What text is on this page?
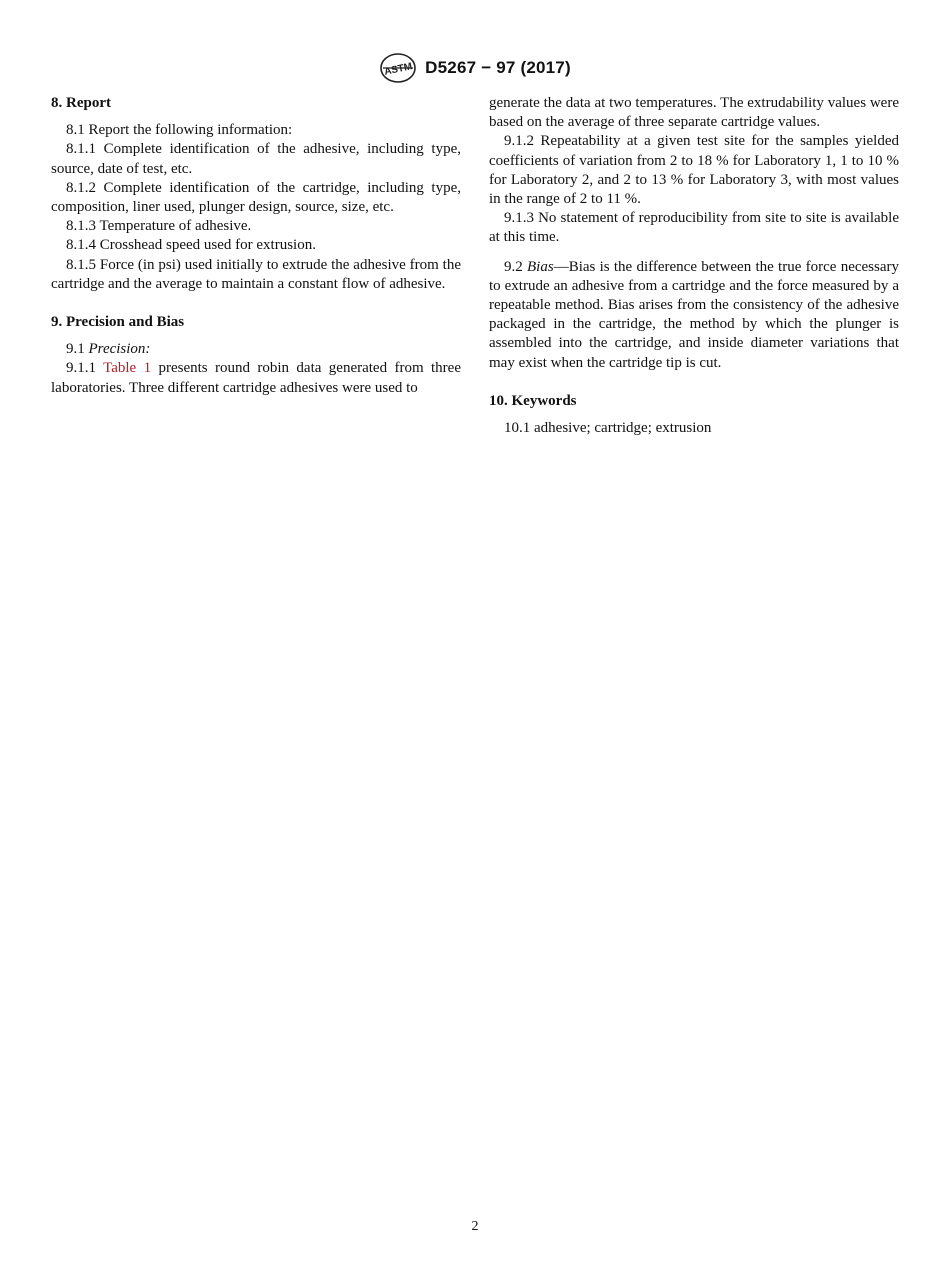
ASTM D5267 − 97 (2017)
8. Report

8.1 Report the following information:

8.1.1 Complete identification of the adhesive, including type, source, date of test, etc.

8.1.2 Complete identification of the cartridge, including type, composition, liner used, plunger design, source, size, etc.

8.1.3 Temperature of adhesive.

8.1.4 Crosshead speed used for extrusion.

8.1.5 Force (in psi) used initially to extrude the adhesive from the cartridge and the average to maintain a constant flow of adhesive.

9. Precision and Bias

9.1 Precision:

9.1.1 Table 1 presents round robin data generated from three laboratories. Three different cartridge adhesives were used to

generate the data at two temperatures. The extrudability values were based on the average of three separate cartridge values.

9.1.2 Repeatability at a given test site for the samples yielded coefficients of variation from 2 to 18 % for Laboratory 1, 1 to 10 % for Laboratory 2, and 2 to 13 % for Laboratory 3, with most values in the range of 2 to 11 %.

9.1.3 No statement of reproducibility from site to site is available at this time.

9.2 Bias—Bias is the difference between the true force necessary to extrude an adhesive from a cartridge and the force measured by a repeatable method. Bias arises from the consistency of the adhesive packaged in the cartridge, the method by which the plunger is assembled into the cartridge, and inside diameter variations that may exist when the cartridge tip is cut.

10. Keywords

10.1 adhesive; cartridge; extrusion

2
